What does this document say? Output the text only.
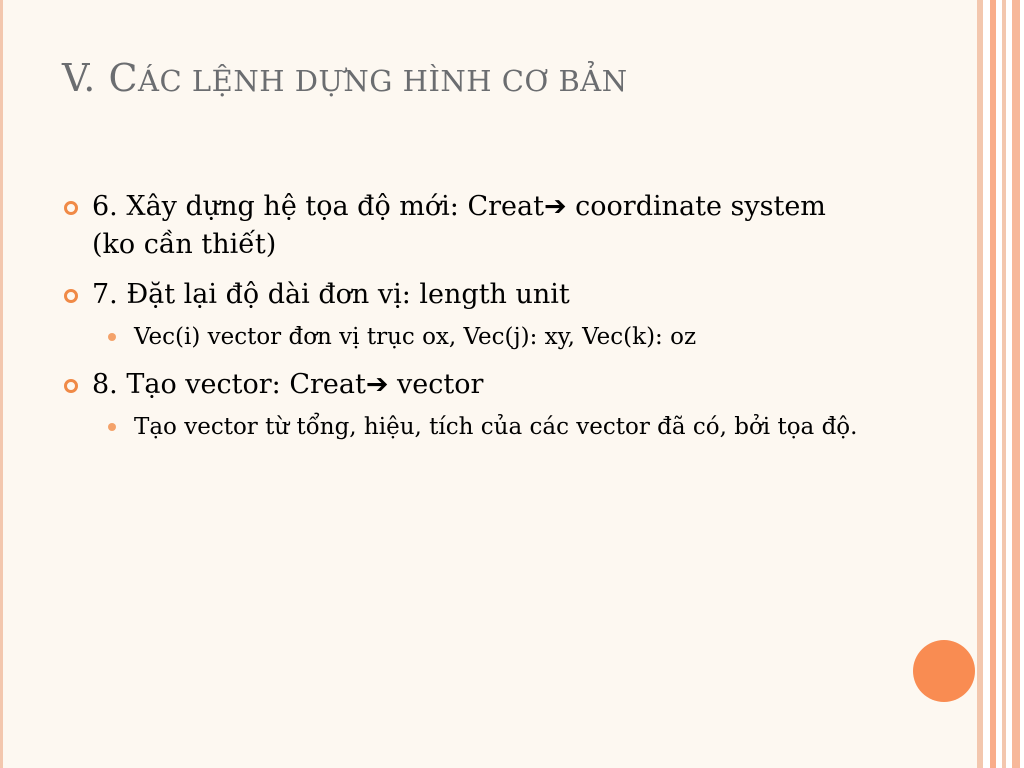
V. CÁC LỆNH DỰNG HÌNH CƠ BẢN
6. Xây dựng hệ tọa độ mới: Creat➔ coordinate system (ko cần thiết)
7. Đặt lại độ dài đơn vị: length unit
Vec(i) vector đơn vị trục ox, Vec(j): xy, Vec(k): oz
8. Tạo vector: Creat➔ vector
Tạo vector từ tổng, hiệu, tích của các vector đã có, bởi tọa độ.
